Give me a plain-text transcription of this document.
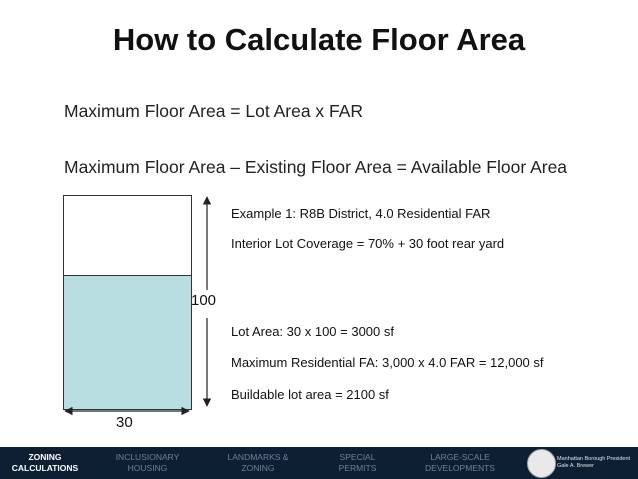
How to Calculate Floor Area
Maximum Floor Area = Lot Area x FAR
Maximum Floor Area – Existing Floor Area = Available Floor Area
100
30
Example 1: R8B District, 4.0 Residential FAR
Interior Lot Coverage = 70% + 30 foot rear yard
Lot Area: 30 x 100 = 3000 sf
Maximum Residential FA: 3,000 x 4.0 FAR = 12,000 sf
Buildable lot area = 2100 sf
ZONING
CALCULATIONS
INCLUSIONARY
HOUSING
LANDMARKS &
ZONING
SPECIAL
PERMITS
LARGE-SCALE
DEVELOPMENTS
Manhattan Borough President
Gale A. Brewer
